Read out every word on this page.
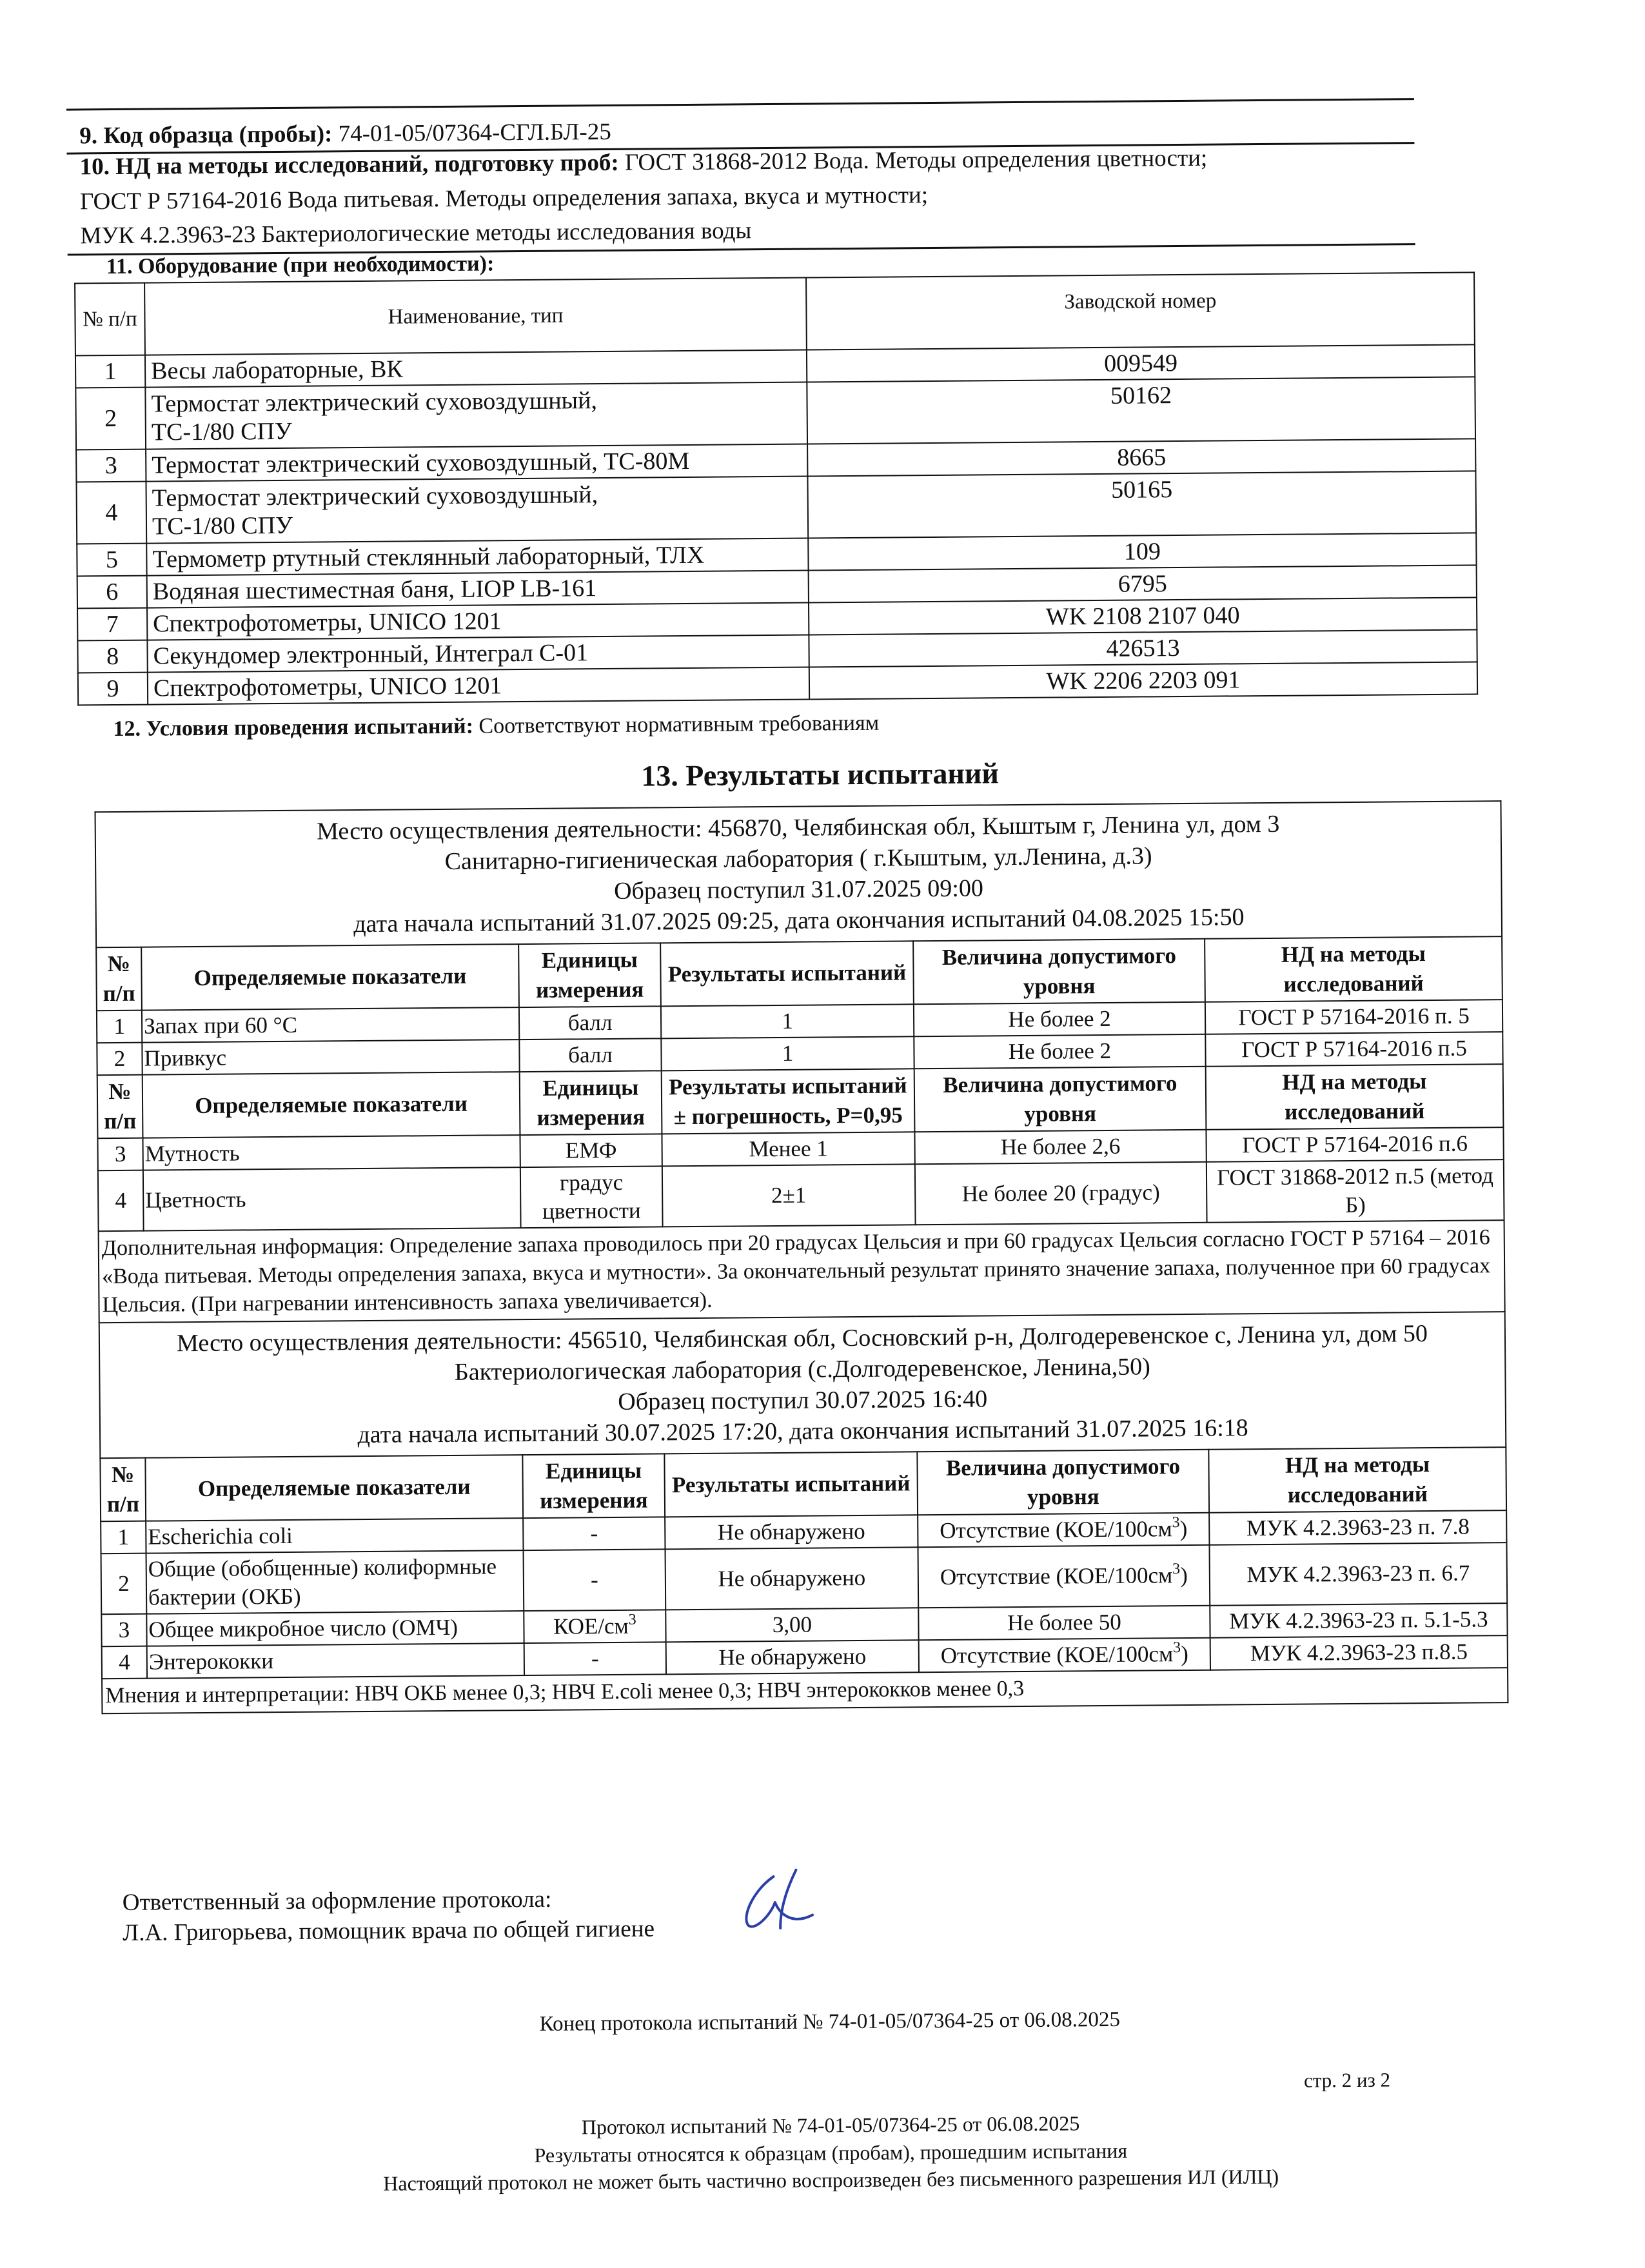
9. Код образца (пробы): 74-01-05/07364-СГЛ.БЛ-25
10. НД на методы исследований, подготовку проб: ГОСТ 31868-2012 Вода. Методы определения цветности;
ГОСТ Р 57164-2016 Вода питьевая. Методы определения запаха, вкуса и мутности;
МУК 4.2.3963-23 Бактериологические методы исследования воды
11. Оборудование (при необходимости):
№ п/п	Наименование, тип	Заводской номер
1	Весы лабораторные, ВК	009549
2	Термостат электрический суховоздушный, ТС-1/80 СПУ	50162
3	Термостат электрический суховоздушный, ТС-80М	8665
4	Термостат электрический суховоздушный, ТС-1/80 СПУ	50165
5	Термометр ртутный стеклянный лабораторный, ТЛХ	109
6	Водяная шестиместная баня, LIOP LB-161	6795
7	Спектрофотометры, UNICO 1201	WK 2108 2107 040
8	Секундомер электронный, Интеграл С-01	426513
9	Спектрофотометры, UNICO 1201	WK 2206 2203 091
12. Условия проведения испытаний: Соответствуют нормативным требованиям
13. Результаты испытаний
Место осуществления деятельности: 456870, Челябинская обл, Кыштым г, Ленина ул, дом 3
Санитарно-гигиеническая лаборатория ( г.Кыштым, ул.Ленина, д.3)
Образец поступил 31.07.2025 09:00
дата начала испытаний 31.07.2025 09:25, дата окончания испытаний 04.08.2025 15:50					

№ п/п	Определяемые показатели	Единицы измерения	Результаты испытаний	Величина допустимого уровня	НД на методы исследований
1	Запах при 60 °С	балл	1	Не более 2	ГОСТ Р 57164-2016 п. 5
2	Привкус	балл	1	Не более 2	ГОСТ Р 57164-2016 п.5
№ п/п	Определяемые показатели	Единицы измерения	Результаты испытаний ± погрешность, Р=0,95	Величина допустимого уровня	НД на методы исследований
3	Мутность	ЕМФ	Менее 1	Не более 2,6	ГОСТ Р 57164-2016 п.6
4	Цветность	градус цветности	2±1	Не более 20 (градус)	ГОСТ 31868-2012 п.5 (метод Б)
Дополнительная информация: Определение запаха проводилось при 20 градусах Цельсия и при 60 градусах Цельсия согласно ГОСТ Р 57164 – 2016 «Вода питьевая. Методы определения запаха, вкуса и мутности». За окончательный результат принято значение запаха, полученное при 60 градусах Цельсия. (При нагревании интенсивность запаха увеличивается).					

Место осуществления деятельности: 456510, Челябинская обл, Сосновский р-н, Долгодеревенское с, Ленина ул, дом 50
Бактериологическая лаборатория (с.Долгодеревенское, Ленина,50)
Образец поступил 30.07.2025 16:40
дата начала испытаний 30.07.2025 17:20, дата окончания испытаний 31.07.2025 16:18					

№ п/п	Определяемые показатели	Единицы измерения	Результаты испытаний	Величина допустимого уровня	НД на методы исследований
1	Escherichia coli	-	Не обнаружено	Отсутствие $(КОЕ/100см^3)$	МУК 4.2.3963-23 п. 7.8
2	Общие (обобщенные) колиформные бактерии (ОКБ)	-	Не обнаружено	Отсутствие $(КОЕ/100см^3)$	МУК 4.2.3963-23 п. 6.7
3	Общее микробное число (ОМЧ)	КОЕ/$см^3$	3,00	Не более 50	МУК 4.2.3963-23 п. 5.1-5.3
4	Энтерококки	-	Не обнаружено	Отсутствие $(КОЕ/100см^3)$	МУК 4.2.3963-23 п.8.5
Мнения и интерпретации: НВЧ ОКБ менее 0,3; НВЧ E.coli менее 0,3; НВЧ энтерококков менее 0,3					
Ответственный за оформление протокола:
Л.А. Григорьева, помощник врача по общей гигиене
Конец протокола испытаний № 74-01-05/07364-25 от 06.08.2025
стр. 2 из 2
Протокол испытаний № 74-01-05/07364-25 от 06.08.2025
Результаты относятся к образцам (пробам), прошедшим испытания
Настоящий протокол не может быть частично воспроизведен без письменного разрешения ИЛ (ИЛЦ)
